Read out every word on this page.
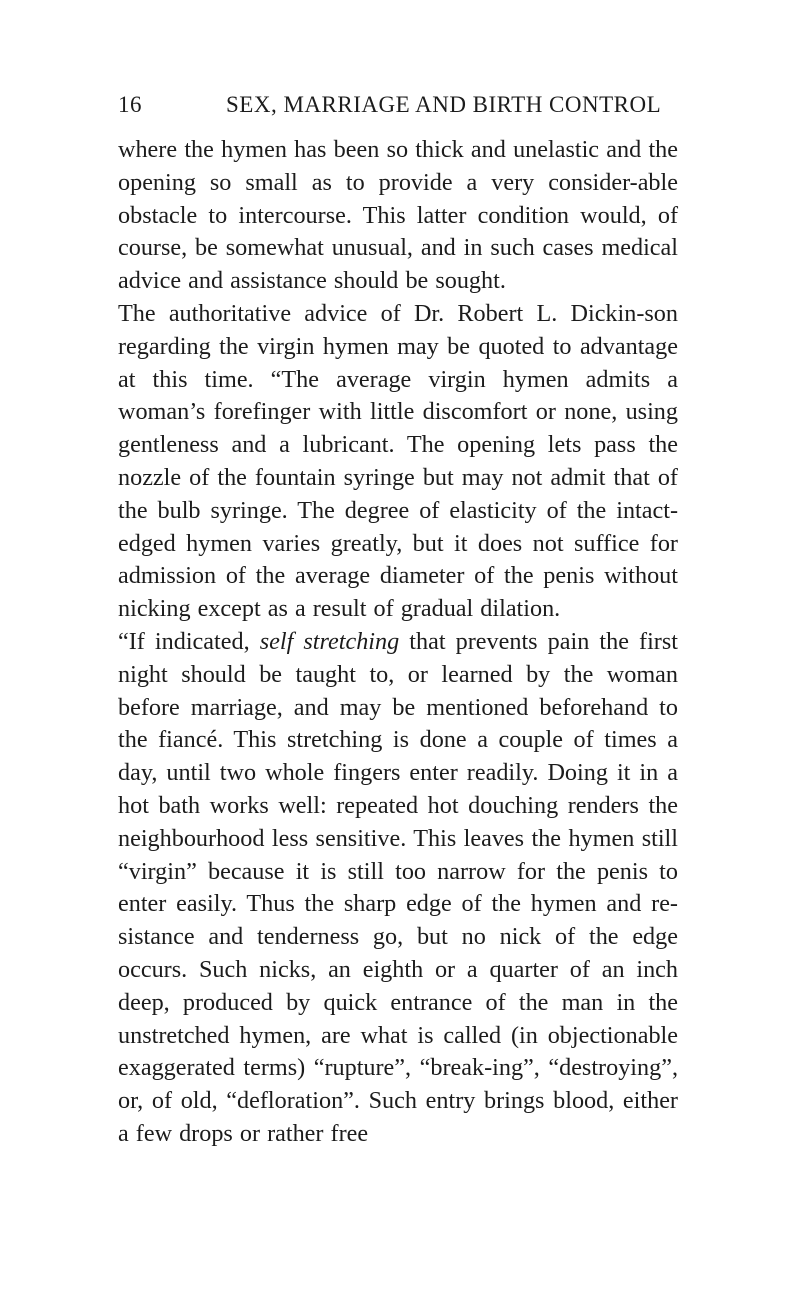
16	SEX, MARRIAGE AND BIRTH CONTROL

where the hymen has been so thick and unelastic and the opening so small as to provide a very consider-able obstacle to intercourse. This latter condition would, of course, be somewhat unusual, and in such cases medical advice and assistance should be sought.

The authoritative advice of Dr. Robert L. Dickin-son regarding the virgin hymen may be quoted to advantage at this time. “The average virgin hymen admits a woman’s forefinger with little discomfort or none, using gentleness and a lubricant. The opening lets pass the nozzle of the fountain syringe but may not admit that of the bulb syringe. The degree of elasticity of the intact-edged hymen varies greatly, but it does not suffice for admission of the average diameter of the penis without nicking except as a result of gradual dilation.

“If indicated, self stretching that prevents pain the first night should be taught to, or learned by the woman before marriage, and may be mentioned beforehand to the fiancé. This stretching is done a couple of times a day, until two whole fingers enter readily. Doing it in a hot bath works well: repeated hot douching renders the neighbourhood less sensitive. This leaves the hymen still “virgin” because it is still too narrow for the penis to enter easily. Thus the sharp edge of the hymen and re-sistance and tenderness go, but no nick of the edge occurs. Such nicks, an eighth or a quarter of an inch deep, produced by quick entrance of the man in the unstretched hymen, are what is called (in objectionable exaggerated terms) “rupture”, “break-ing”, “destroying”, or, of old, “defloration”. Such entry brings blood, either a few drops or rather free
